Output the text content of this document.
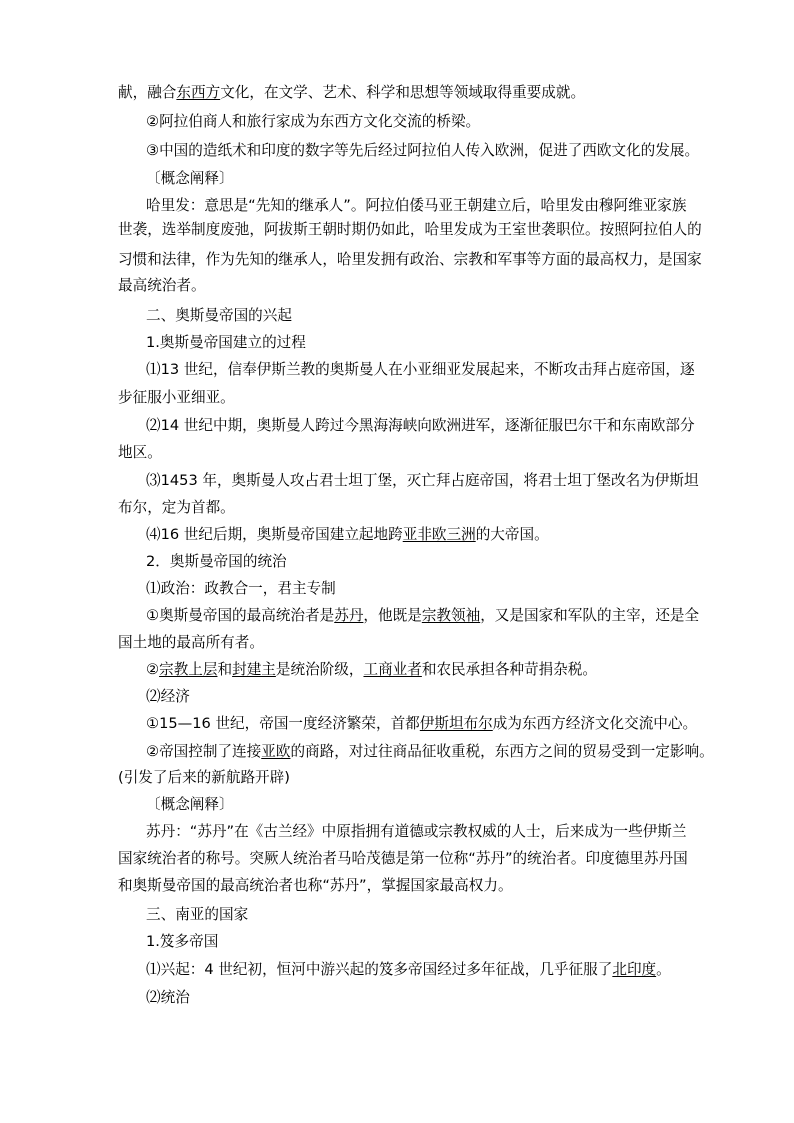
献，融合东西方文化，在文学、艺术、科学和思想等领域取得重要成就。
②阿拉伯商人和旅行家成为东西方文化交流的桥梁。
③中国的造纸术和印度的数字等先后经过阿拉伯人传入欧洲，促进了西欧文化的发展。
〔概念阐释〕
哈里发：意思是“先知的继承人”。阿拉伯倭马亚王朝建立后，哈里发由穆阿维亚家族
世袭，选举制度废弛，阿拔斯王朝时期仍如此，哈里发成为王室世袭职位。按照阿拉伯人的
习惯和法律，作为先知的继承人，哈里发拥有政治、宗教和军事等方面的最高权力，是国家
最高统治者。
二、奥斯曼帝国的兴起
1.奥斯曼帝国建立的过程
⑴13 世纪，信奉伊斯兰教的奥斯曼人在小亚细亚发展起来，不断攻击拜占庭帝国，逐
步征服小亚细亚。
⑵14 世纪中期，奥斯曼人跨过今黑海海峡向欧洲进军，逐渐征服巴尔干和东南欧部分
地区。
⑶1453 年，奥斯曼人攻占君士坦丁堡，灭亡拜占庭帝国，将君士坦丁堡改名为伊斯坦
布尔，定为首都。
⑷16 世纪后期，奥斯曼帝国建立起地跨亚非欧三洲的大帝国。
2．奥斯曼帝国的统治
⑴政治：政教合一，君主专制
①奥斯曼帝国的最高统治者是苏丹，他既是宗教领袖，又是国家和军队的主宰，还是全
国土地的最高所有者。
②宗教上层和封建主是统治阶级，工商业者和农民承担各种苛捐杂税。
⑵经济
①15—16 世纪，帝国一度经济繁荣，首都伊斯坦布尔成为东西方经济文化交流中心。
②帝国控制了连接亚欧的商路，对过往商品征收重税，东西方之间的贸易受到一定影响。
(引发了后来的新航路开辟)
〔概念阐释〕
苏丹：“苏丹”在《古兰经》中原指拥有道德或宗教权威的人士，后来成为一些伊斯兰
国家统治者的称号。突厥人统治者马哈茂德是第一位称“苏丹”的统治者。印度德里苏丹国
和奥斯曼帝国的最高统治者也称“苏丹”，掌握国家最高权力。
三、南亚的国家
1.笈多帝国
⑴兴起：4 世纪初，恒河中游兴起的笈多帝国经过多年征战，几乎征服了北印度。
⑵统治
